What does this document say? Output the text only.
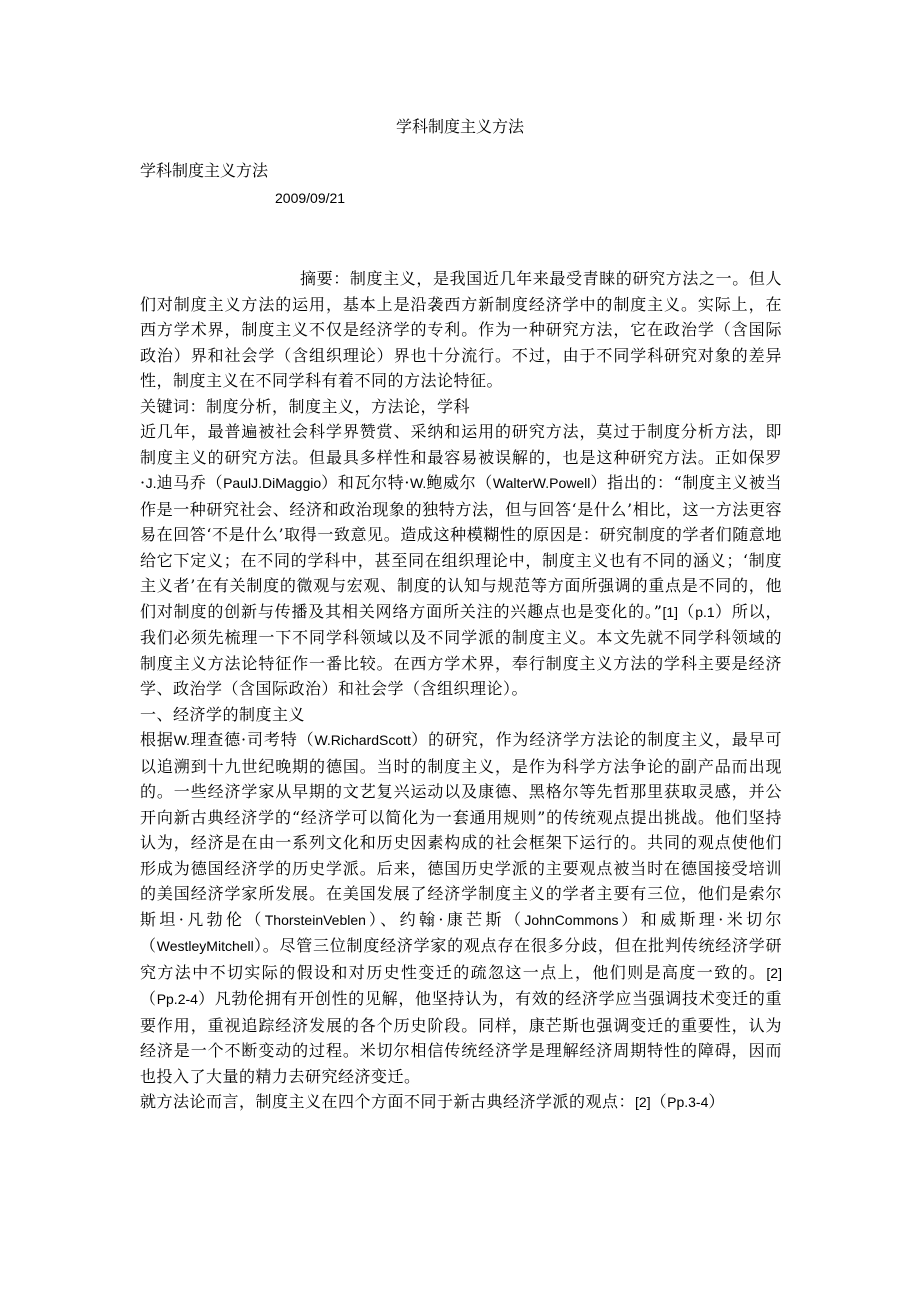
学科制度主义方法
学科制度主义方法
2009/09/21

摘要：制度主义，是我国近几年来最受青睐的研究方法之一。但人们对制度主义方法的运用，基本上是沿袭西方新制度经济学中的制度主义。实际上，在西方学术界，制度主义不仅是经济学的专利。作为一种研究方法，它在政治学（含国际政治）界和社会学（含组织理论）界也十分流行。不过，由于不同学科研究对象的差异性，制度主义在不同学科有着不同的方法论特征。

关键词：制度分析，制度主义，方法论，学科

近几年，最普遍被社会科学界赞赏、采纳和运用的研究方法，莫过于制度分析方法，即制度主义的研究方法。但最具多样性和最容易被误解的，也是这种研究方法。正如保罗·J.迪马乔（PaulJ.DiMaggio）和瓦尔特·W.鲍威尔（WalterW.Powell）指出的：“制度主义被当作是一种研究社会、经济和政治现象的独特方法，但与回答‘是什么’相比，这一方法更容易在回答‘不是什么’取得一致意见。造成这种模糊性的原因是：研究制度的学者们随意地给它下定义；在不同的学科中，甚至同在组织理论中，制度主义也有不同的涵义；‘制度主义者’在有关制度的微观与宏观、制度的认知与规范等方面所强调的重点是不同的，他们对制度的创新与传播及其相关网络方面所关注的兴趣点也是变化的。”[1]（p.1）所以，我们必须先梳理一下不同学科领域以及不同学派的制度主义。本文先就不同学科领域的制度主义方法论特征作一番比较。在西方学术界，奉行制度主义方法的学科主要是经济学、政治学（含国际政治）和社会学（含组织理论）。

一、经济学的制度主义

根据W.理查德·司考特（W.RichardScott）的研究，作为经济学方法论的制度主义，最早可以追溯到十九世纪晚期的德国。当时的制度主义，是作为科学方法争论的副产品而出现的。一些经济学家从早期的文艺复兴运动以及康德、黑格尔等先哲那里获取灵感，并公开向新古典经济学的“经济学可以简化为一套通用规则”的传统观点提出挑战。他们坚持认为，经济是在由一系列文化和历史因素构成的社会框架下运行的。共同的观点使他们形成为德国经济学的历史学派。后来，德国历史学派的主要观点被当时在德国接受培训的美国经济学家所发展。在美国发展了经济学制度主义的学者主要有三位，他们是索尔斯坦·凡勃伦（ThorsteinVeblen）、约翰·康芒斯（JohnCommons）和威斯理·米切尔（WestleyMitchell）。尽管三位制度经济学家的观点存在很多分歧，但在批判传统经济学研究方法中不切实际的假设和对历史性变迁的疏忽这一点上，他们则是高度一致的。[2]（Pp.2-4）凡勃伦拥有开创性的见解，他坚持认为，有效的经济学应当强调技术变迁的重要作用，重视追踪经济发展的各个历史阶段。同样，康芒斯也强调变迁的重要性，认为经济是一个不断变动的过程。米切尔相信传统经济学是理解经济周期特性的障碍，因而也投入了大量的精力去研究经济变迁。

就方法论而言，制度主义在四个方面不同于新古典经济学派的观点：[2]（Pp.3-4）
